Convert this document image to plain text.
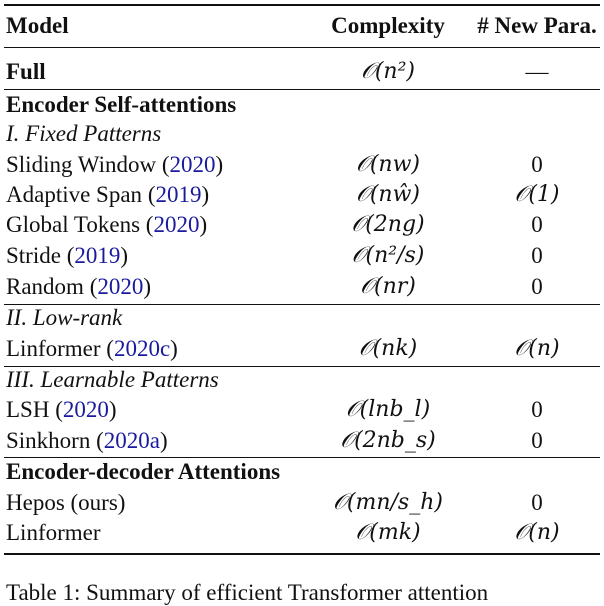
Model	Complexity	# New Para.
Full	𝒪(n²)	—
Encoder Self-attentions
I. Fixed Patterns
Sliding Window (2020)	𝒪(nw)	0
Adaptive Span (2019)	𝒪(nŵ)	𝒪(1)
Global Tokens (2020)	𝒪(2ng)	0
Stride (2019)	𝒪(n²/s)	0
Random (2020)	𝒪(nr)	0
II. Low-rank
Linformer (2020c)	𝒪(nk)	𝒪(n)
III. Learnable Patterns
LSH (2020)	𝒪(lnb_l)	0
Sinkhorn (2020a)	𝒪(2nb_s)	0
Encoder-decoder Attentions
Hepos (ours)	𝒪(mn/s_h)	0
Linformer	𝒪(mk)	𝒪(n)
Table 1: Summary of efficient Transformer attention
